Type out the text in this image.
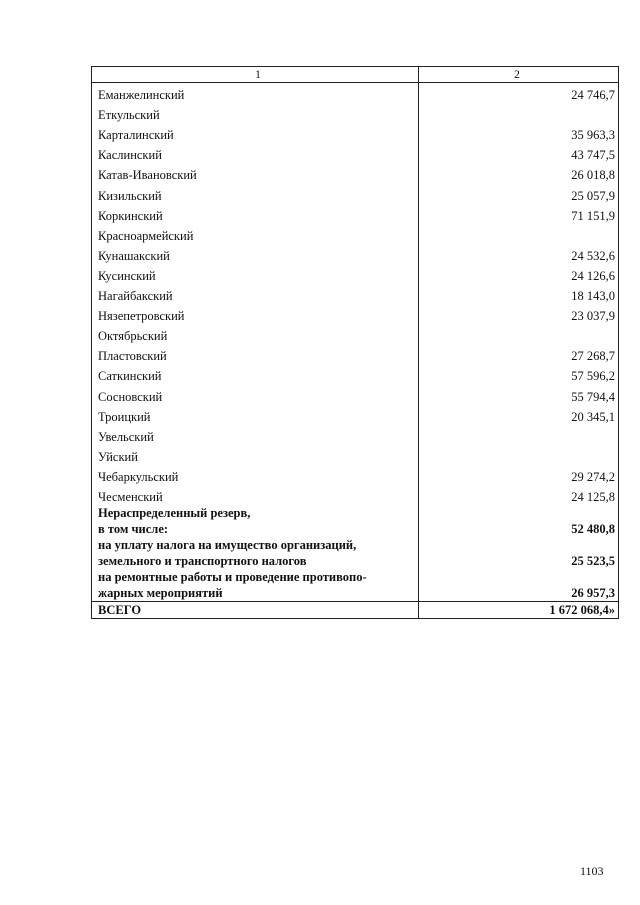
1	2
Еманжелинский	24 746,7
Еткульский	
Карталинский	35 963,3
Каслинский	43 747,5
Катав-Ивановский	26 018,8
Кизильский	25 057,9
Коркинский	71 151,9
Красноармейский	
Кунашакский	24 532,6
Кусинский	24 126,6
Нагайбакский	18 143,0
Нязепетровский	23 037,9
Октябрьский	
Пластовский	27 268,7
Саткинский	57 596,2
Сосновский	55 794,4
Троицкий	20 345,1
Увельский	
Уйский	
Чебаркульский	29 274,2
Чесменский	24 125,8
Нераспределенный резерв,	
в том числе:	52 480,8
на уплату налога на имущество организаций,	
земельного и транспортного налогов	25 523,5
на ремонтные работы и проведение противопо-	
жарных мероприятий	26 957,3
ВСЕГО	1 672 068,4»
1103
